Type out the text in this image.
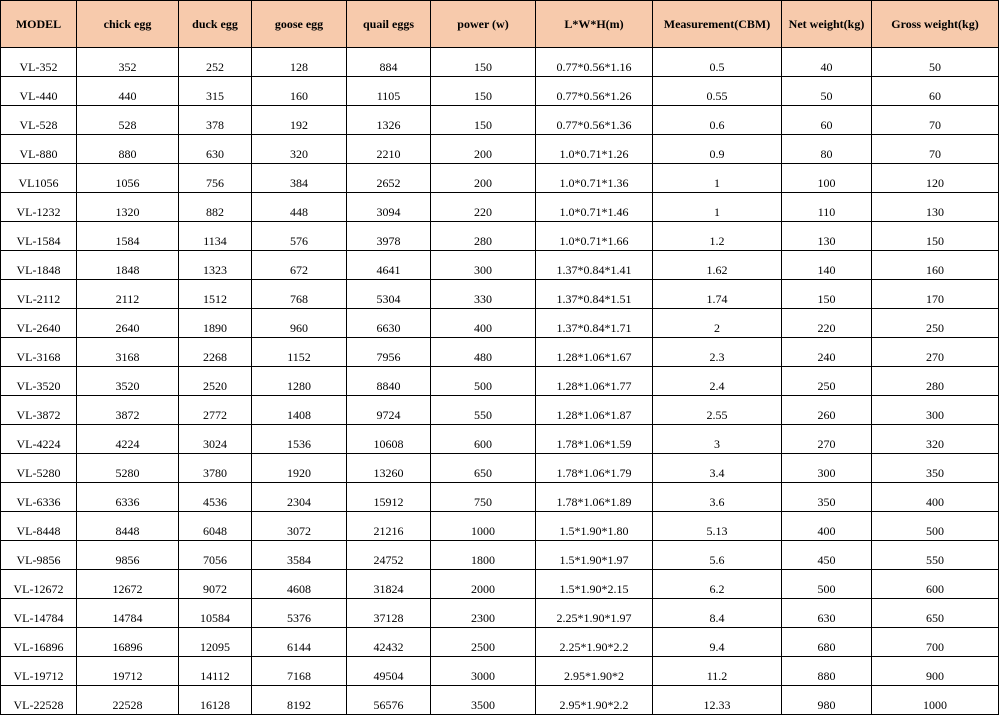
MODEL	chick egg	duck egg	goose egg	quail eggs	power (w)	L*W*H(m)	Measurement(CBM)	Net weight(kg)	Gross weight(kg)
VL-352	352	252	128	884	150	0.77*0.56*1.16	0.5	40	50
VL-440	440	315	160	1105	150	0.77*0.56*1.26	0.55	50	60
VL-528	528	378	192	1326	150	0.77*0.56*1.36	0.6	60	70
VL-880	880	630	320	2210	200	1.0*0.71*1.26	0.9	80	70
VL1056	1056	756	384	2652	200	1.0*0.71*1.36	1	100	120
VL-1232	1320	882	448	3094	220	1.0*0.71*1.46	1	110	130
VL-1584	1584	1134	576	3978	280	1.0*0.71*1.66	1.2	130	150
VL-1848	1848	1323	672	4641	300	1.37*0.84*1.41	1.62	140	160
VL-2112	2112	1512	768	5304	330	1.37*0.84*1.51	1.74	150	170
VL-2640	2640	1890	960	6630	400	1.37*0.84*1.71	2	220	250
VL-3168	3168	2268	1152	7956	480	1.28*1.06*1.67	2.3	240	270
VL-3520	3520	2520	1280	8840	500	1.28*1.06*1.77	2.4	250	280
VL-3872	3872	2772	1408	9724	550	1.28*1.06*1.87	2.55	260	300
VL-4224	4224	3024	1536	10608	600	1.78*1.06*1.59	3	270	320
VL-5280	5280	3780	1920	13260	650	1.78*1.06*1.79	3.4	300	350
VL-6336	6336	4536	2304	15912	750	1.78*1.06*1.89	3.6	350	400
VL-8448	8448	6048	3072	21216	1000	1.5*1.90*1.80	5.13	400	500
VL-9856	9856	7056	3584	24752	1800	1.5*1.90*1.97	5.6	450	550
VL-12672	12672	9072	4608	31824	2000	1.5*1.90*2.15	6.2	500	600
VL-14784	14784	10584	5376	37128	2300	2.25*1.90*1.97	8.4	630	650
VL-16896	16896	12095	6144	42432	2500	2.25*1.90*2.2	9.4	680	700
VL-19712	19712	14112	7168	49504	3000	2.95*1.90*2	11.2	880	900
VL-22528	22528	16128	8192	56576	3500	2.95*1.90*2.2	12.33	980	1000
